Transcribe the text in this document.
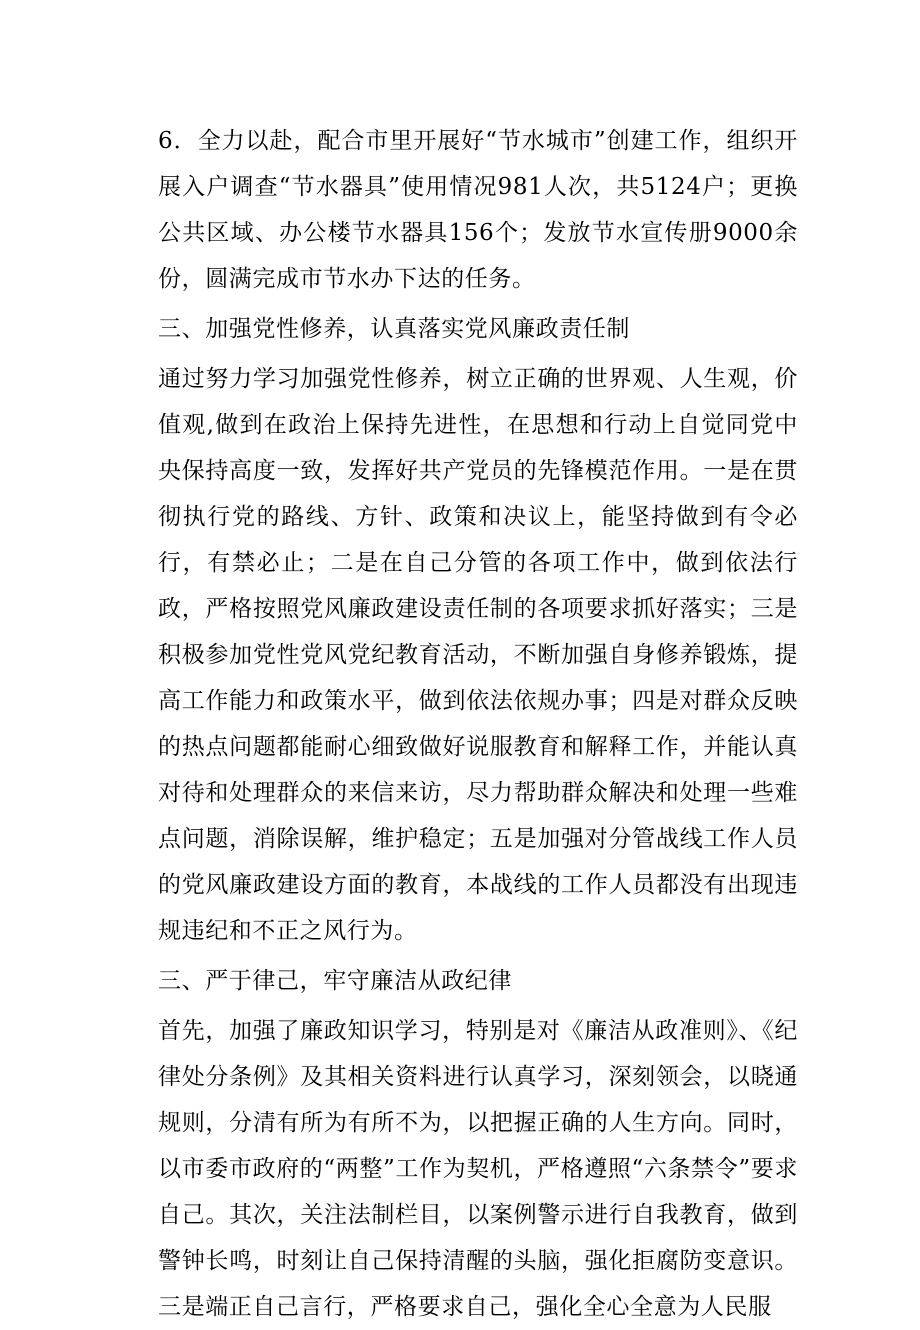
6．全力以赴，配合市里开展好“节水城市”创建工作，组织开展入户调查“节水器具”使用情况981人次，共5124户；更换公共区域、办公楼节水器具156个；发放节水宣传册9000余份，圆满完成市节水办下达的任务。

三、加强党性修养，认真落实党风廉政责任制

通过努力学习加强党性修养，树立正确的世界观、人生观，价值观,做到在政治上保持先进性，在思想和行动上自觉同党中央保持高度一致，发挥好共产党员的先锋模范作用。一是在贯彻执行党的路线、方针、政策和决议上，能坚持做到有令必行，有禁必止；二是在自己分管的各项工作中，做到依法行政，严格按照党风廉政建设责任制的各项要求抓好落实；三是积极参加党性党风党纪教育活动，不断加强自身修养锻炼，提高工作能力和政策水平，做到依法依规办事；四是对群众反映的热点问题都能耐心细致做好说服教育和解释工作，并能认真对待和处理群众的来信来访，尽力帮助群众解决和处理一些难点问题，消除误解，维护稳定；五是加强对分管战线工作人员的党风廉政建设方面的教育，本战线的工作人员都没有出现违规违纪和不正之风行为。

三、严于律己，牢守廉洁从政纪律

首先，加强了廉政知识学习，特别是对《廉洁从政准则》、《纪律处分条例》及其相关资料进行认真学习，深刻领会，以晓通规则，分清有所为有所不为，以把握正确的人生方向。同时，以市委市政府的“两整”工作为契机，严格遵照“六条禁令”要求自己。其次，关注法制栏目，以案例警示进行自我教育，做到警钟长鸣，时刻让自己保持清醒的头脑，强化拒腐防变意识。三是端正自己言行，严格要求自己，强化全心全意为人民服
